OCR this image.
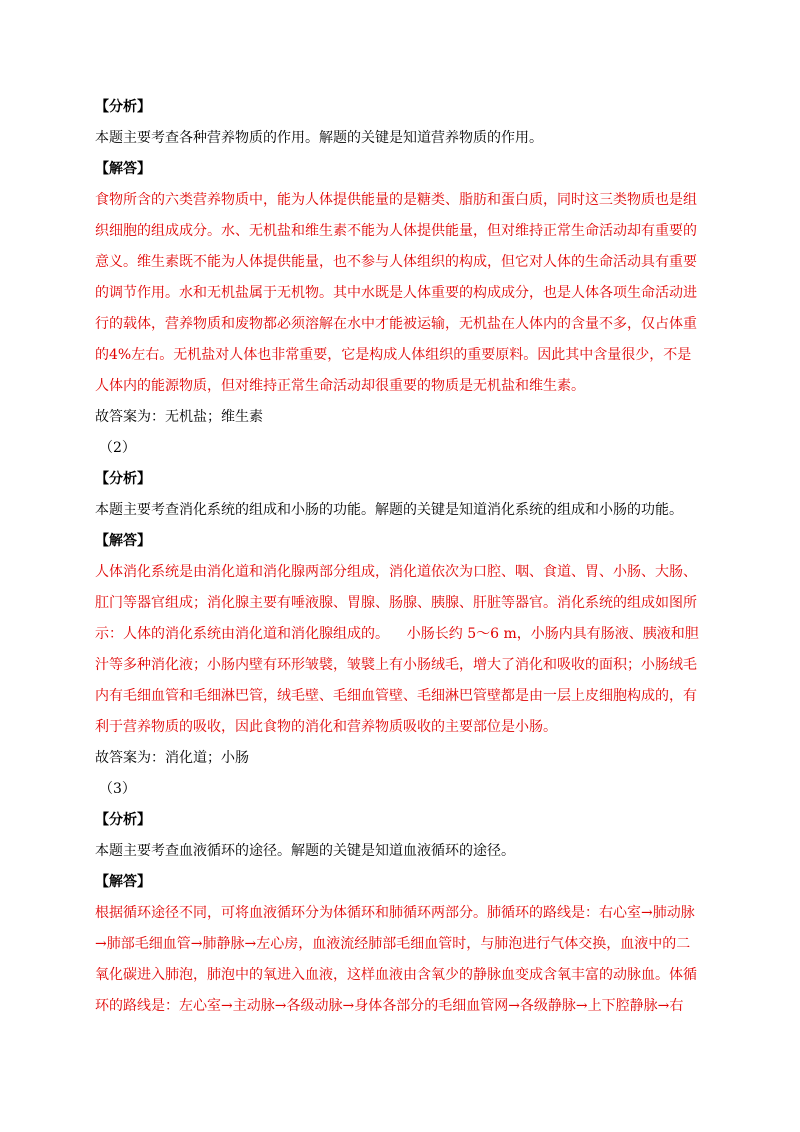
【分析】
本题主要考查各种营养物质的作用。解题的关键是知道营养物质的作用。
【解答】
食物所含的六类营养物质中，能为人体提供能量的是糖类、脂肪和蛋白质，同时这三类物质也是组
织细胞的组成成分。水、无机盐和维生素不能为人体提供能量，但对维持正常生命活动却有重要的
意义。维生素既不能为人体提供能量，也不参与人体组织的构成，但它对人体的生命活动具有重要
的调节作用。水和无机盐属于无机物。其中水既是人体重要的构成成分，也是人体各项生命活动进
行的载体，营养物质和废物都必须溶解在水中才能被运输，无机盐在人体内的含量不多，仅占体重
的4%左右。无机盐对人体也非常重要，它是构成人体组织的重要原料。因此其中含量很少，不是
人体内的能源物质，但对维持正常生命活动却很重要的物质是无机盐和维生素。
故答案为：无机盐；维生素
（2）
【分析】
本题主要考查消化系统的组成和小肠的功能。解题的关键是知道消化系统的组成和小肠的功能。
【解答】
人体消化系统是由消化道和消化腺两部分组成，消化道依次为口腔、咽、食道、胃、小肠、大肠、
肛门等器官组成；消化腺主要有唾液腺、胃腺、肠腺、胰腺、肝脏等器官。消化系统的组成如图所
示：人体的消化系统由消化道和消化腺组成的。    小肠长约 5～6 m，小肠内具有肠液、胰液和胆
汁等多种消化液；小肠内壁有环形皱襞，皱襞上有小肠绒毛，增大了消化和吸收的面积；小肠绒毛
内有毛细血管和毛细淋巴管，绒毛壁、毛细血管壁、毛细淋巴管壁都是由一层上皮细胞构成的，有
利于营养物质的吸收，因此食物的消化和营养物质吸收的主要部位是小肠。
故答案为：消化道；小肠
（3）
【分析】
本题主要考查血液循环的途径。解题的关键是知道血液循环的途径。
【解答】
根据循环途径不同，可将血液循环分为体循环和肺循环两部分。肺循环的路线是：右心室→肺动脉
→肺部毛细血管→肺静脉→左心房，血液流经肺部毛细血管时，与肺泡进行气体交换，血液中的二
氧化碳进入肺泡，肺泡中的氧进入血液，这样血液由含氧少的静脉血变成含氧丰富的动脉血。体循
环的路线是：左心室→主动脉→各级动脉→身体各部分的毛细血管网→各级静脉→上下腔静脉→右
